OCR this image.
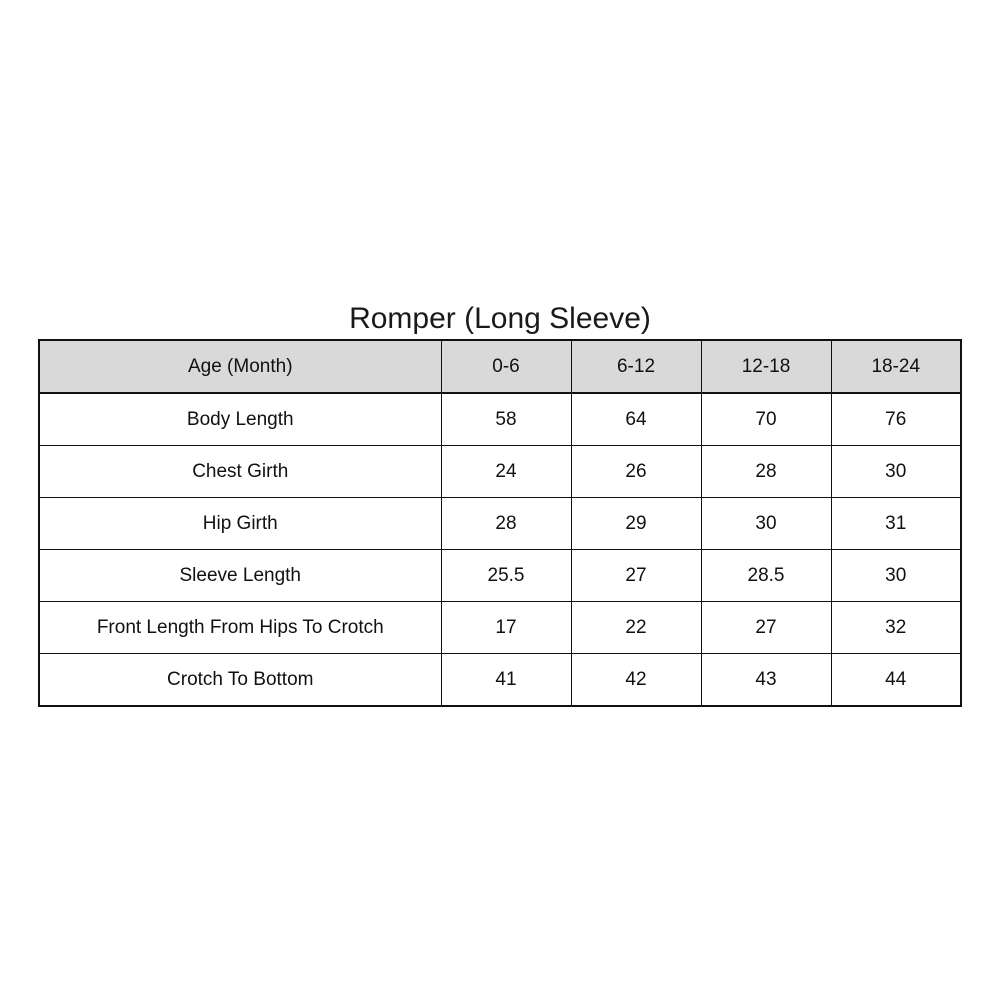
Romper (Long Sleeve)
Age (Month)	0-6	6-12	12-18	18-24
Body Length	58	64	70	76
Chest Girth	24	26	28	30
Hip Girth	28	29	30	31
Sleeve Length	25.5	27	28.5	30
Front Length From Hips To Crotch	17	22	27	32
Crotch To Bottom	41	42	43	44
